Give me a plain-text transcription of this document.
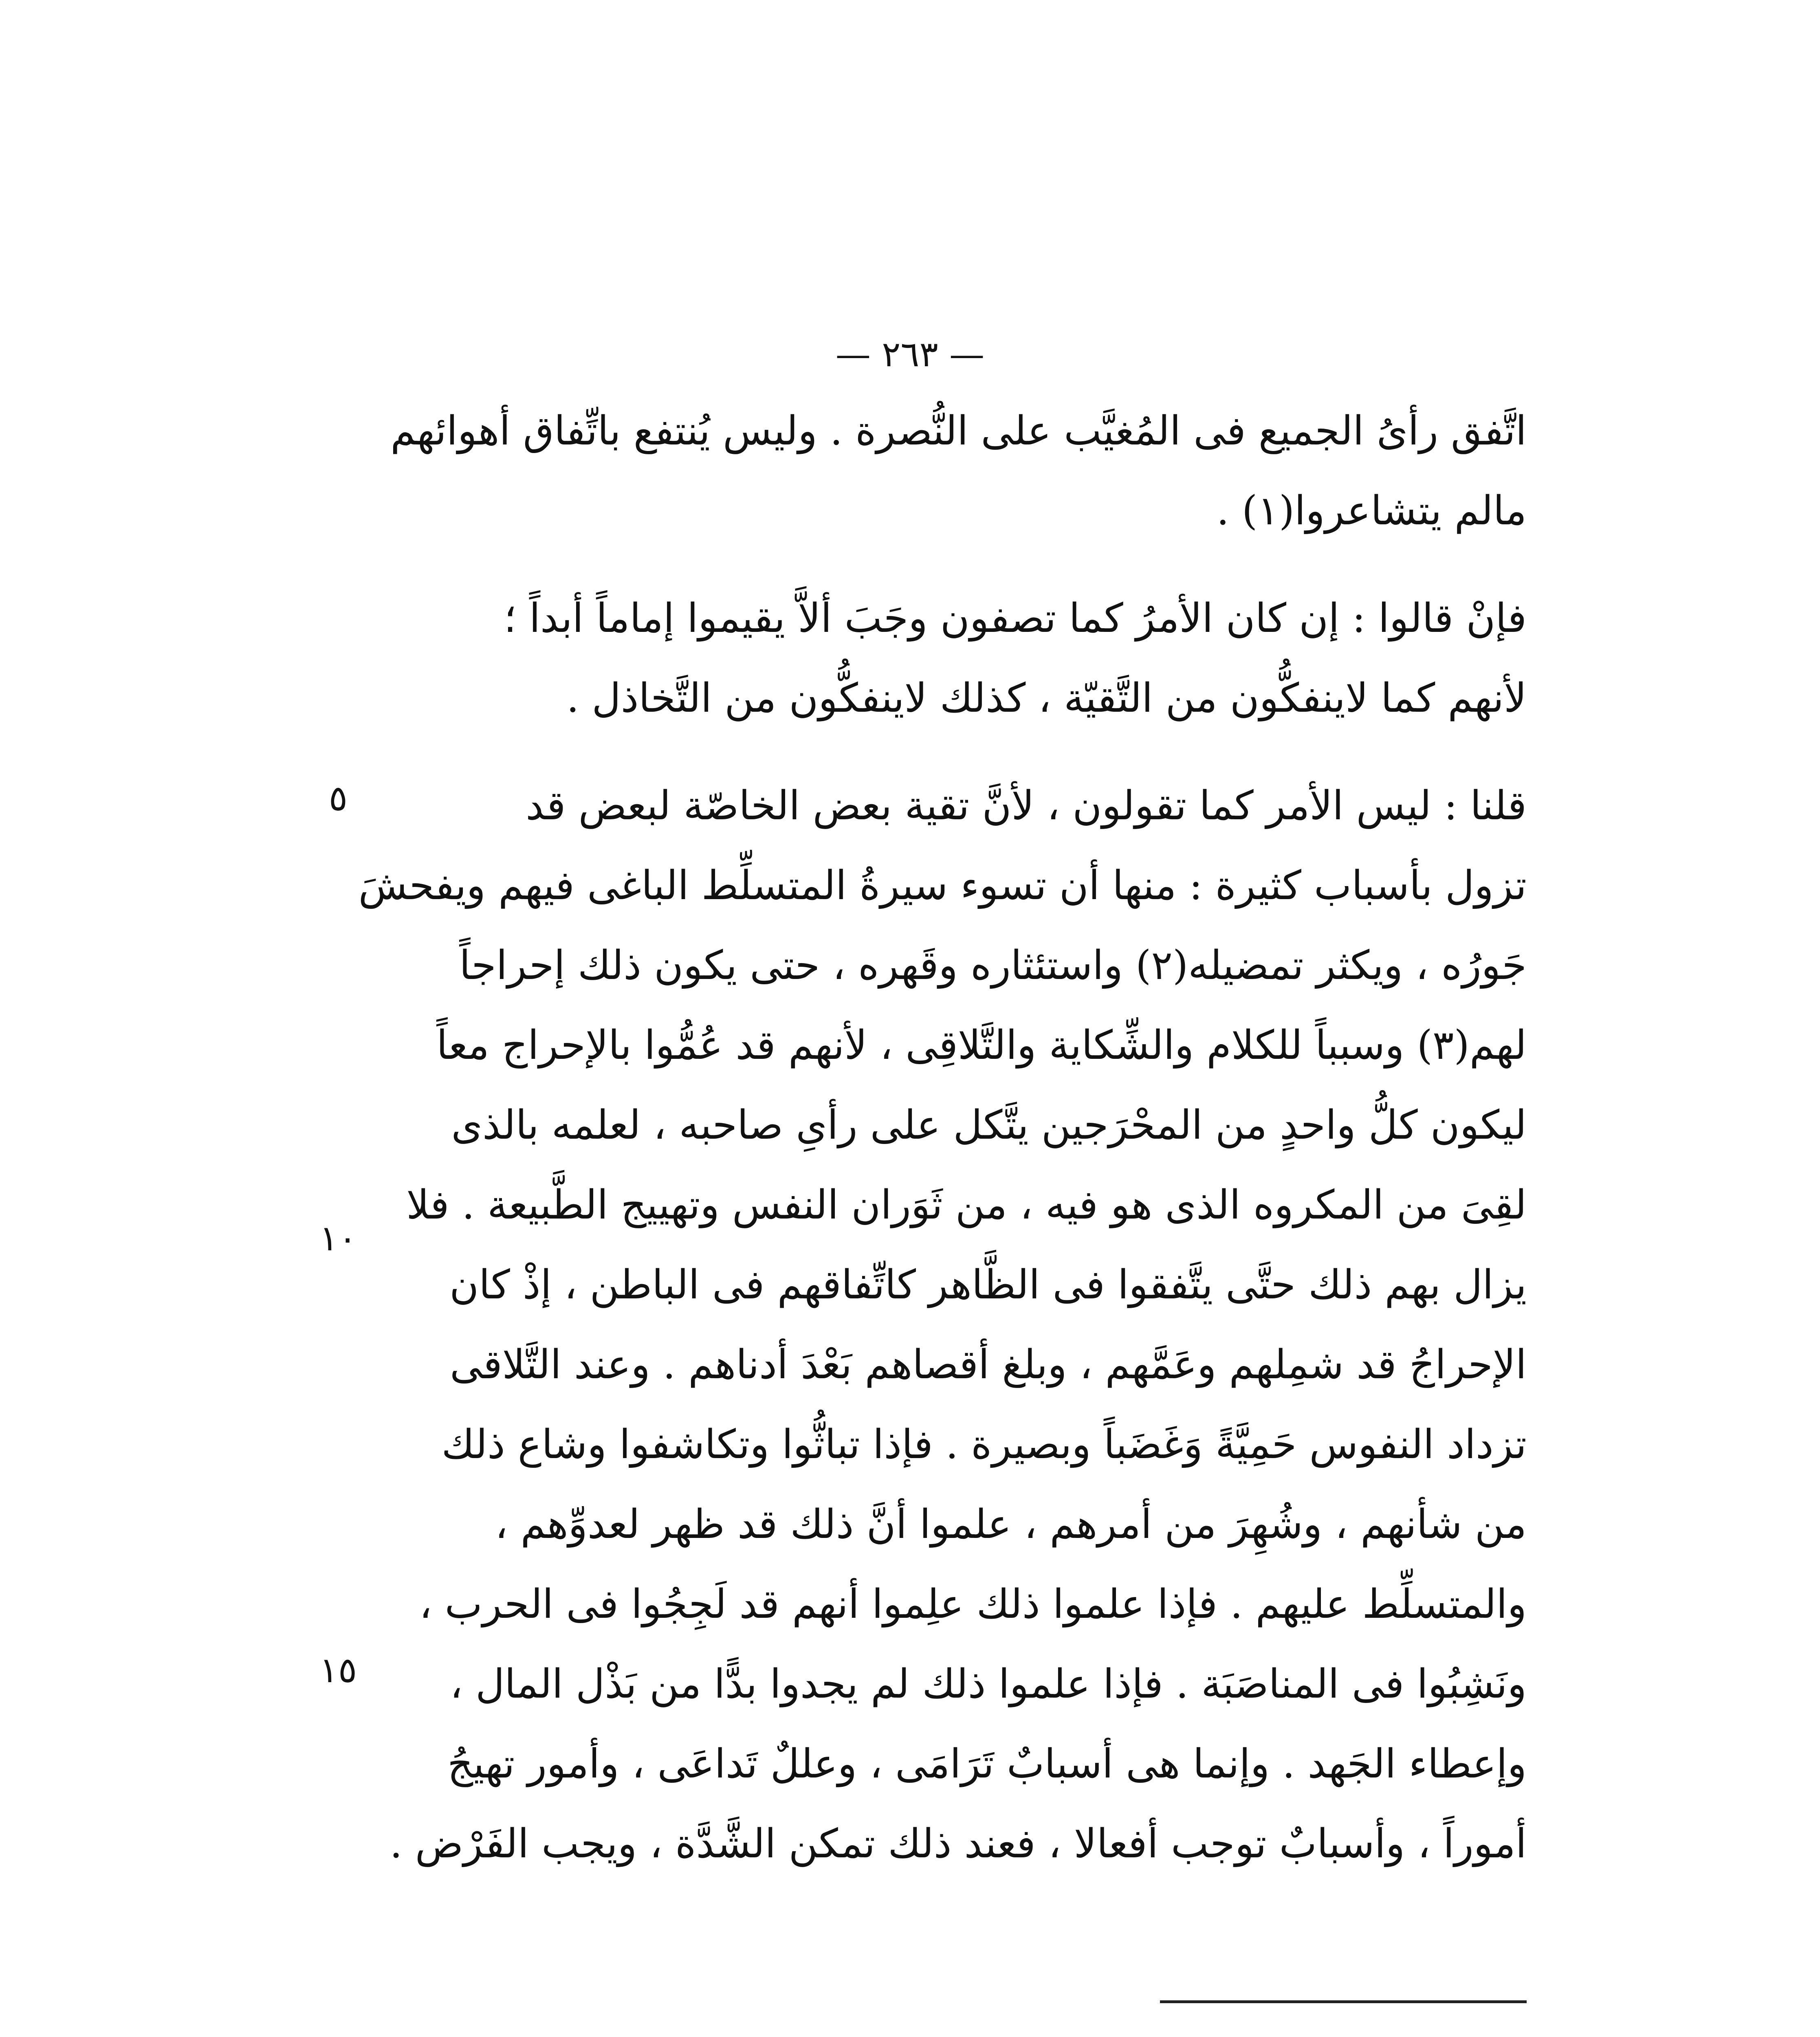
— ٢٦٣ —
اتَّفق رأىُ الجميع فى المُغيَّب على النُّصرة . وليس يُنتفع باتِّفاق أهوائهم
مالم يتشاعروا(١) .
فإنْ قالوا : إن كان الأمرُ كما تصفون وجَبَ ألاَّ يقيموا إماماً أبداً ؛
لأنهم كما لاينفكُّون من التَّقيّة ، كذلك لاينفكُّون من التَّخاذل .
قلنا : ليس الأمر كما تقولون ، لأنَّ تقية بعض الخاصّة لبعض قد
تزول بأسباب كثيرة : منها أن تسوء سيرةُ المتسلِّط الباغى فيهم ويفحشَ
جَورُه ، ويكثر تمضيله(٢) واستئثاره وقَهره ، حتى يكون ذلك إحراجاً
لهم(٣) وسبباً للكلام والشِّكاية والتَّلاقِى ، لأنهم قد عُمُّوا بالإحراج معاً
ليكون كلُّ واحدٍ من المحْرَجين يتَّكل على رأىِ صاحبه ، لعلمه بالذى
لقِىَ من المكروه الذى هو فيه ، من ثَوَران النفس وتهييج الطَّبيعة . فلا
يزال بهم ذلك حتَّى يتَّفقوا فى الظَّاهر كاتِّفاقهم فى الباطن ، إذْ كان
الإحراجُ قد شمِلهم وعَمَّهم ، وبلغ أقصاهم بَعْدَ أدناهم . وعند التَّلاقى
تزداد النفوس حَمِيَّةً وَغَضَباً وبصيرة . فإذا تباثُّوا وتكاشفوا وشاع ذلك
من شأنهم ، وشُهِرَ من أمرهم ، علموا أنَّ ذلك قد ظهر لعدوِّهم ،
والمتسلِّط عليهم . فإذا علموا ذلك علِموا أنهم قد لَجِجُوا فى الحرب ،
ونَشِبُوا فى المناصَبَة . فإذا علموا ذلك لم يجدوا بدًّا من بَذْل المال ،
وإعطاء الجَهد . وإنما هى أسبابٌ تَرَامَى ، وعللٌ تَداعَى ، وأمور تهيجُ
أموراً ، وأسبابٌ توجب أفعالا ، فعند ذلك تمكن الشَّدَّة ، ويجب الفَرْض .
٥
١٠
١٥
